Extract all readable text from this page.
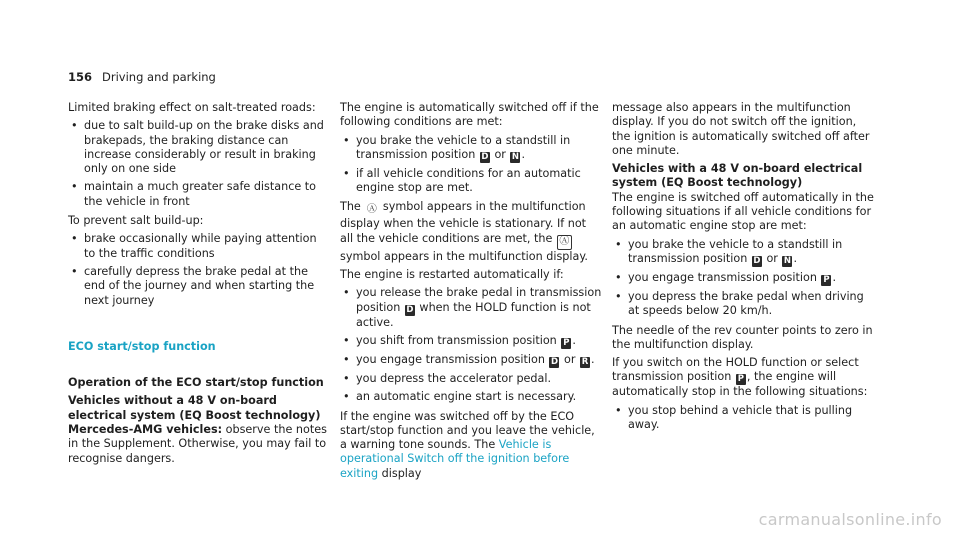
156 Driving and parking

Limited braking effect on salt-treated roads:

• due to salt build-up on the brake disks and brakepads, the braking distance can increase considerably or result in braking only on one side
• maintain a much greater safe distance to the vehicle in front

To prevent salt build-up:

• brake occasionally while paying attention to the traffic conditions
• carefully depress the brake pedal at the end of the journey and when starting the next journey
ECO start/stop function

Operation of the ECO start/stop function

Vehicles without a 48 V on-board electrical system (EQ Boost technology)

Mercedes-AMG vehicles: observe the notes in the Supplement. Otherwise, you may fail to recognise dangers.

The engine is automatically switched off if the following conditions are met:

• you brake the vehicle to a standstill in transmission position D or N .
• if all vehicle conditions for an automatic engine stop are met.

The Ⓐ symbol appears in the multifunction display when the vehicle is stationary. If not all the vehicle conditions are met, the Ⓐ symbol appears in the multifunction display.

The engine is restarted automatically if:

• you release the brake pedal in transmission position D when the HOLD function is not active.
• you shift from transmission position P .
• you engage transmission position D or R .
• you depress the accelerator pedal.
• an automatic engine start is necessary.

If the engine was switched off by the ECO start/stop function and you leave the vehicle, a warning tone sounds. The Vehicle is operational Switch off the ignition before exiting display

message also appears in the multifunction display. If you do not switch off the ignition, the ignition is automatically switched off after one minute.

Vehicles with a 48 V on-board electrical system (EQ Boost technology)

The engine is switched off automatically in the following situations if all vehicle conditions for an automatic engine stop are met:

• you brake the vehicle to a standstill in transmission position D or N .
• you engage transmission position P .
• you depress the brake pedal when driving at speeds below 20 km/h.

The needle of the rev counter points to zero in the multifunction display.

If you switch on the HOLD function or select transmission position P , the engine will automatically stop in the following situations:

• you stop behind a vehicle that is pulling away.
carmanualsonline.info
